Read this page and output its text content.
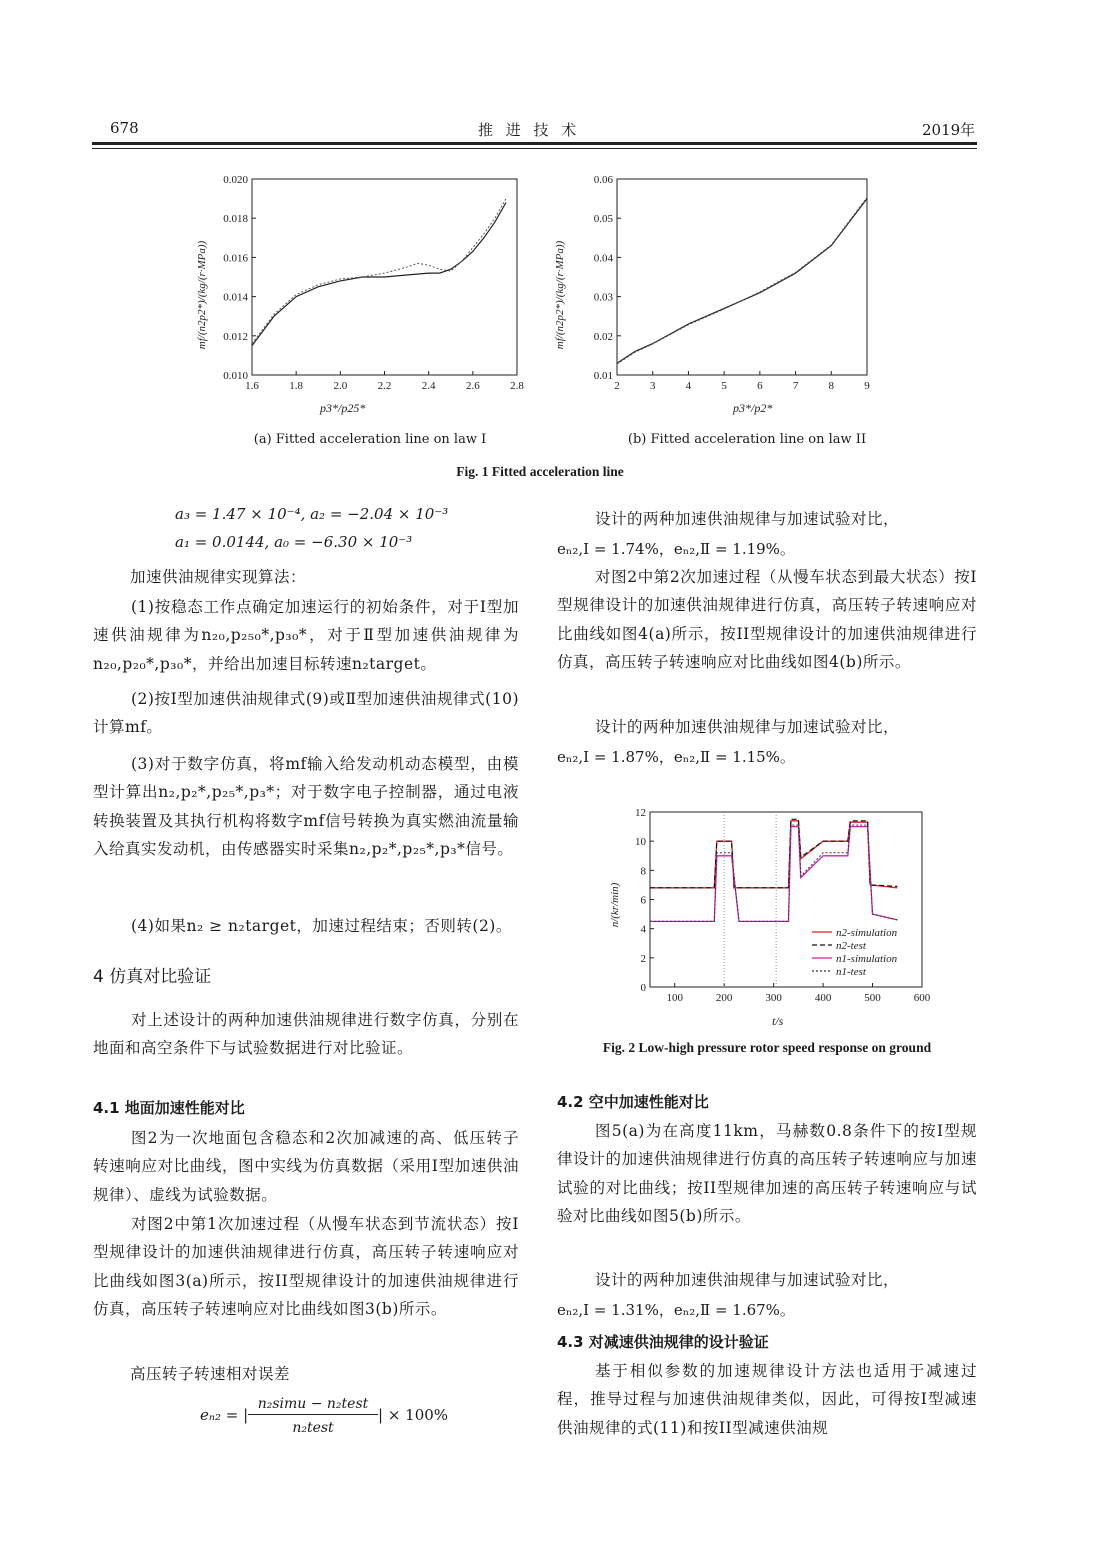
678	推 进 技 术	2019年
0.020
0.018
0.016
0.014
0.012
0.010
1.6	1.8	2.0	2.2	2.4	2.6	2.8
p3*/p25*
mf/(n2p2*)/(kg/(r·MPa))
(a) Fitted acceleration line on law I
0.06
0.05
0.04
0.03
0.02
0.01
2	3	4	5	6	7	8	9
p3*/p2*
mf/(n2p2*)/(kg/(r·MPa))
(b) Fitted acceleration line on law II
Fig. 1 Fitted acceleration line
a₃ = 1.47 × 10⁻⁴, a₂ = −2.04 × 10⁻³
a₁ = 0.0144, a₀ = −6.30 × 10⁻³
加速供油规律实现算法：
(1)按稳态工作点确定加速运行的初始条件，对于Ⅰ型加速供油规律为n₂₀,p₂₅₀*,p₃₀*，对于Ⅱ型加速供油规律为n₂₀,p₂₀*,p₃₀*，并给出加速目标转速n₂target。
(2)按Ⅰ型加速供油规律式(9)或Ⅱ型加速供油规律式(10)计算mf。
(3)对于数字仿真，将mf输入给发动机动态模型，由模型计算出n₂,p₂*,p₂₅*,p₃*；对于数字电子控制器，通过电液转换装置及其执行机构将数字mf信号转换为真实燃油流量输入给真实发动机，由传感器实时采集n₂,p₂*,p₂₅*,p₃*信号。
(4)如果n₂ ≥ n₂target，加速过程结束；否则转(2)。
4 仿真对比验证
对上述设计的两种加速供油规律进行数字仿真，分别在地面和高空条件下与试验数据进行对比验证。
4.1 地面加速性能对比
图2为一次地面包含稳态和2次加减速的高、低压转子转速响应对比曲线，图中实线为仿真数据（采用Ⅰ型加速供油规律）、虚线为试验数据。
对图2中第1次加速过程（从慢车状态到节流状态）按Ⅰ型规律设计的加速供油规律进行仿真，高压转子转速响应对比曲线如图3(a)所示，按II型规律设计的加速供油规律进行仿真，高压转子转速响应对比曲线如图3(b)所示。
高压转子转速相对误差
eₙ₂ = |
n₂simu − n₂test
n₂test
| × 100%
设计的两种加速供油规律与加速试验对比，
eₙ₂,Ⅰ = 1.74%，eₙ₂,Ⅱ = 1.19%。
对图2中第2次加速过程（从慢车状态到最大状态）按Ⅰ型规律设计的加速供油规律进行仿真，高压转子转速响应对比曲线如图4(a)所示，按II型规律设计的加速供油规律进行仿真，高压转子转速响应对比曲线如图4(b)所示。
设计的两种加速供油规律与加速试验对比，
eₙ₂,Ⅰ = 1.87%，eₙ₂,Ⅱ = 1.15%。
0
2
4
6
8
10
12
100	200	300	400	500	600
n2-simulation
n2-test
n1-simulation
n1-test
t/s
n/(kr/min)
Fig. 2 Low-high pressure rotor speed response on ground
4.2 空中加速性能对比
图5(a)为在高度11km，马赫数0.8条件下的按Ⅰ型规律设计的加速供油规律进行仿真的高压转子转速响应与加速试验的对比曲线；按II型规律加速的高压转子转速响应与试验对比曲线如图5(b)所示。
设计的两种加速供油规律与加速试验对比，
eₙ₂,Ⅰ = 1.31%，eₙ₂,Ⅱ = 1.67%。
4.3 对减速供油规律的设计验证
基于相似参数的加速规律设计方法也适用于减速过程，推导过程与加速供油规律类似，因此，可得按Ⅰ型减速供油规律的式(11)和按II型减速供油规
